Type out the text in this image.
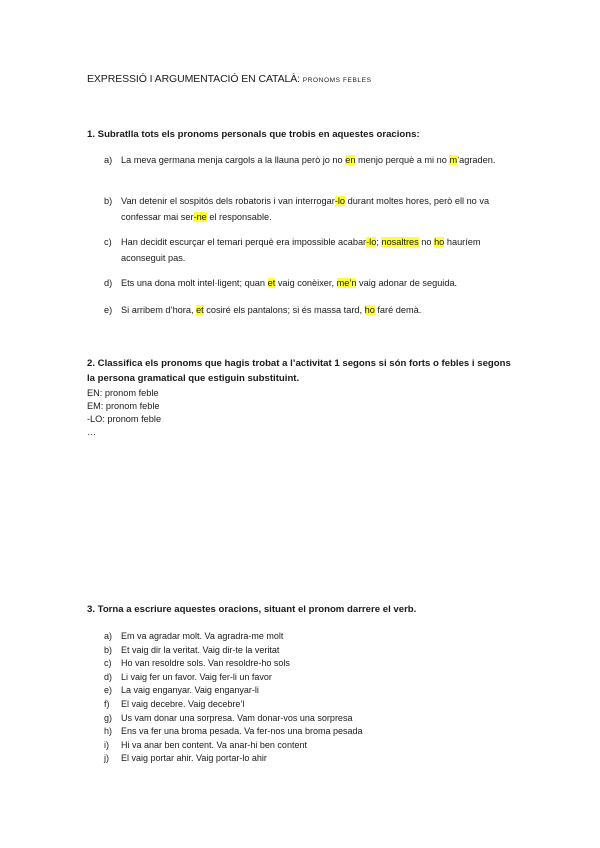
EXPRESSIÓ I ARGUMENTACIÓ EN CATALÀ: PRONOMS FEBLES
1. Subratlla tots els pronoms personals que trobis en aquestes oracions:
a) La meva germana menja cargols a la llauna però jo no en menjo perquè a mi no m’agraden.
b) Van detenir el sospitós dels robatoris i van interrogar-lo durant moltes hores, però ell no va confessar mai ser-ne el responsable.
c)	Han decidit escurçar el temari perquè era impossible acabar-lo; nosaltres no ho hauríem aconseguit pas.
d) Ets una dona molt intel·ligent; quan et vaig conèixer, me’n vaig adonar de seguida.
e) Si arribem d’hora, et cosiré els pantalons; si és massa tard, ho faré demà.
2. Classifica els pronoms que hagis trobat a l’activitat 1 segons si són forts o febles i segons la persona gramatical que estiguin substituint.
EN: pronom feble
EM: pronom feble
-LO: pronom feble
…
3. Torna a escriure aquestes oracions, situant el pronom darrere el verb.
a) Em va agradar molt. Va agradra-me molt
b) Et vaig dir la veritat. Vaig dir-te la veritat
c) Ho van resoldre sols. Van resoldre-ho sols
d) Li vaig fer un favor. Vaig fer-li un favor
e) La vaig enganyar. Vaig enganyar-li
f) El vaig decebre. Vaig decebre’l
g) Us vam donar una sorpresa. Vam donar-vos una sorpresa
h) Ens va fer una broma pesada. Va fer-nos una broma pesada
i) Hi va anar ben content. Va anar-hi ben content
j) El vaig portar ahir. Vaig portar-lo ahir
